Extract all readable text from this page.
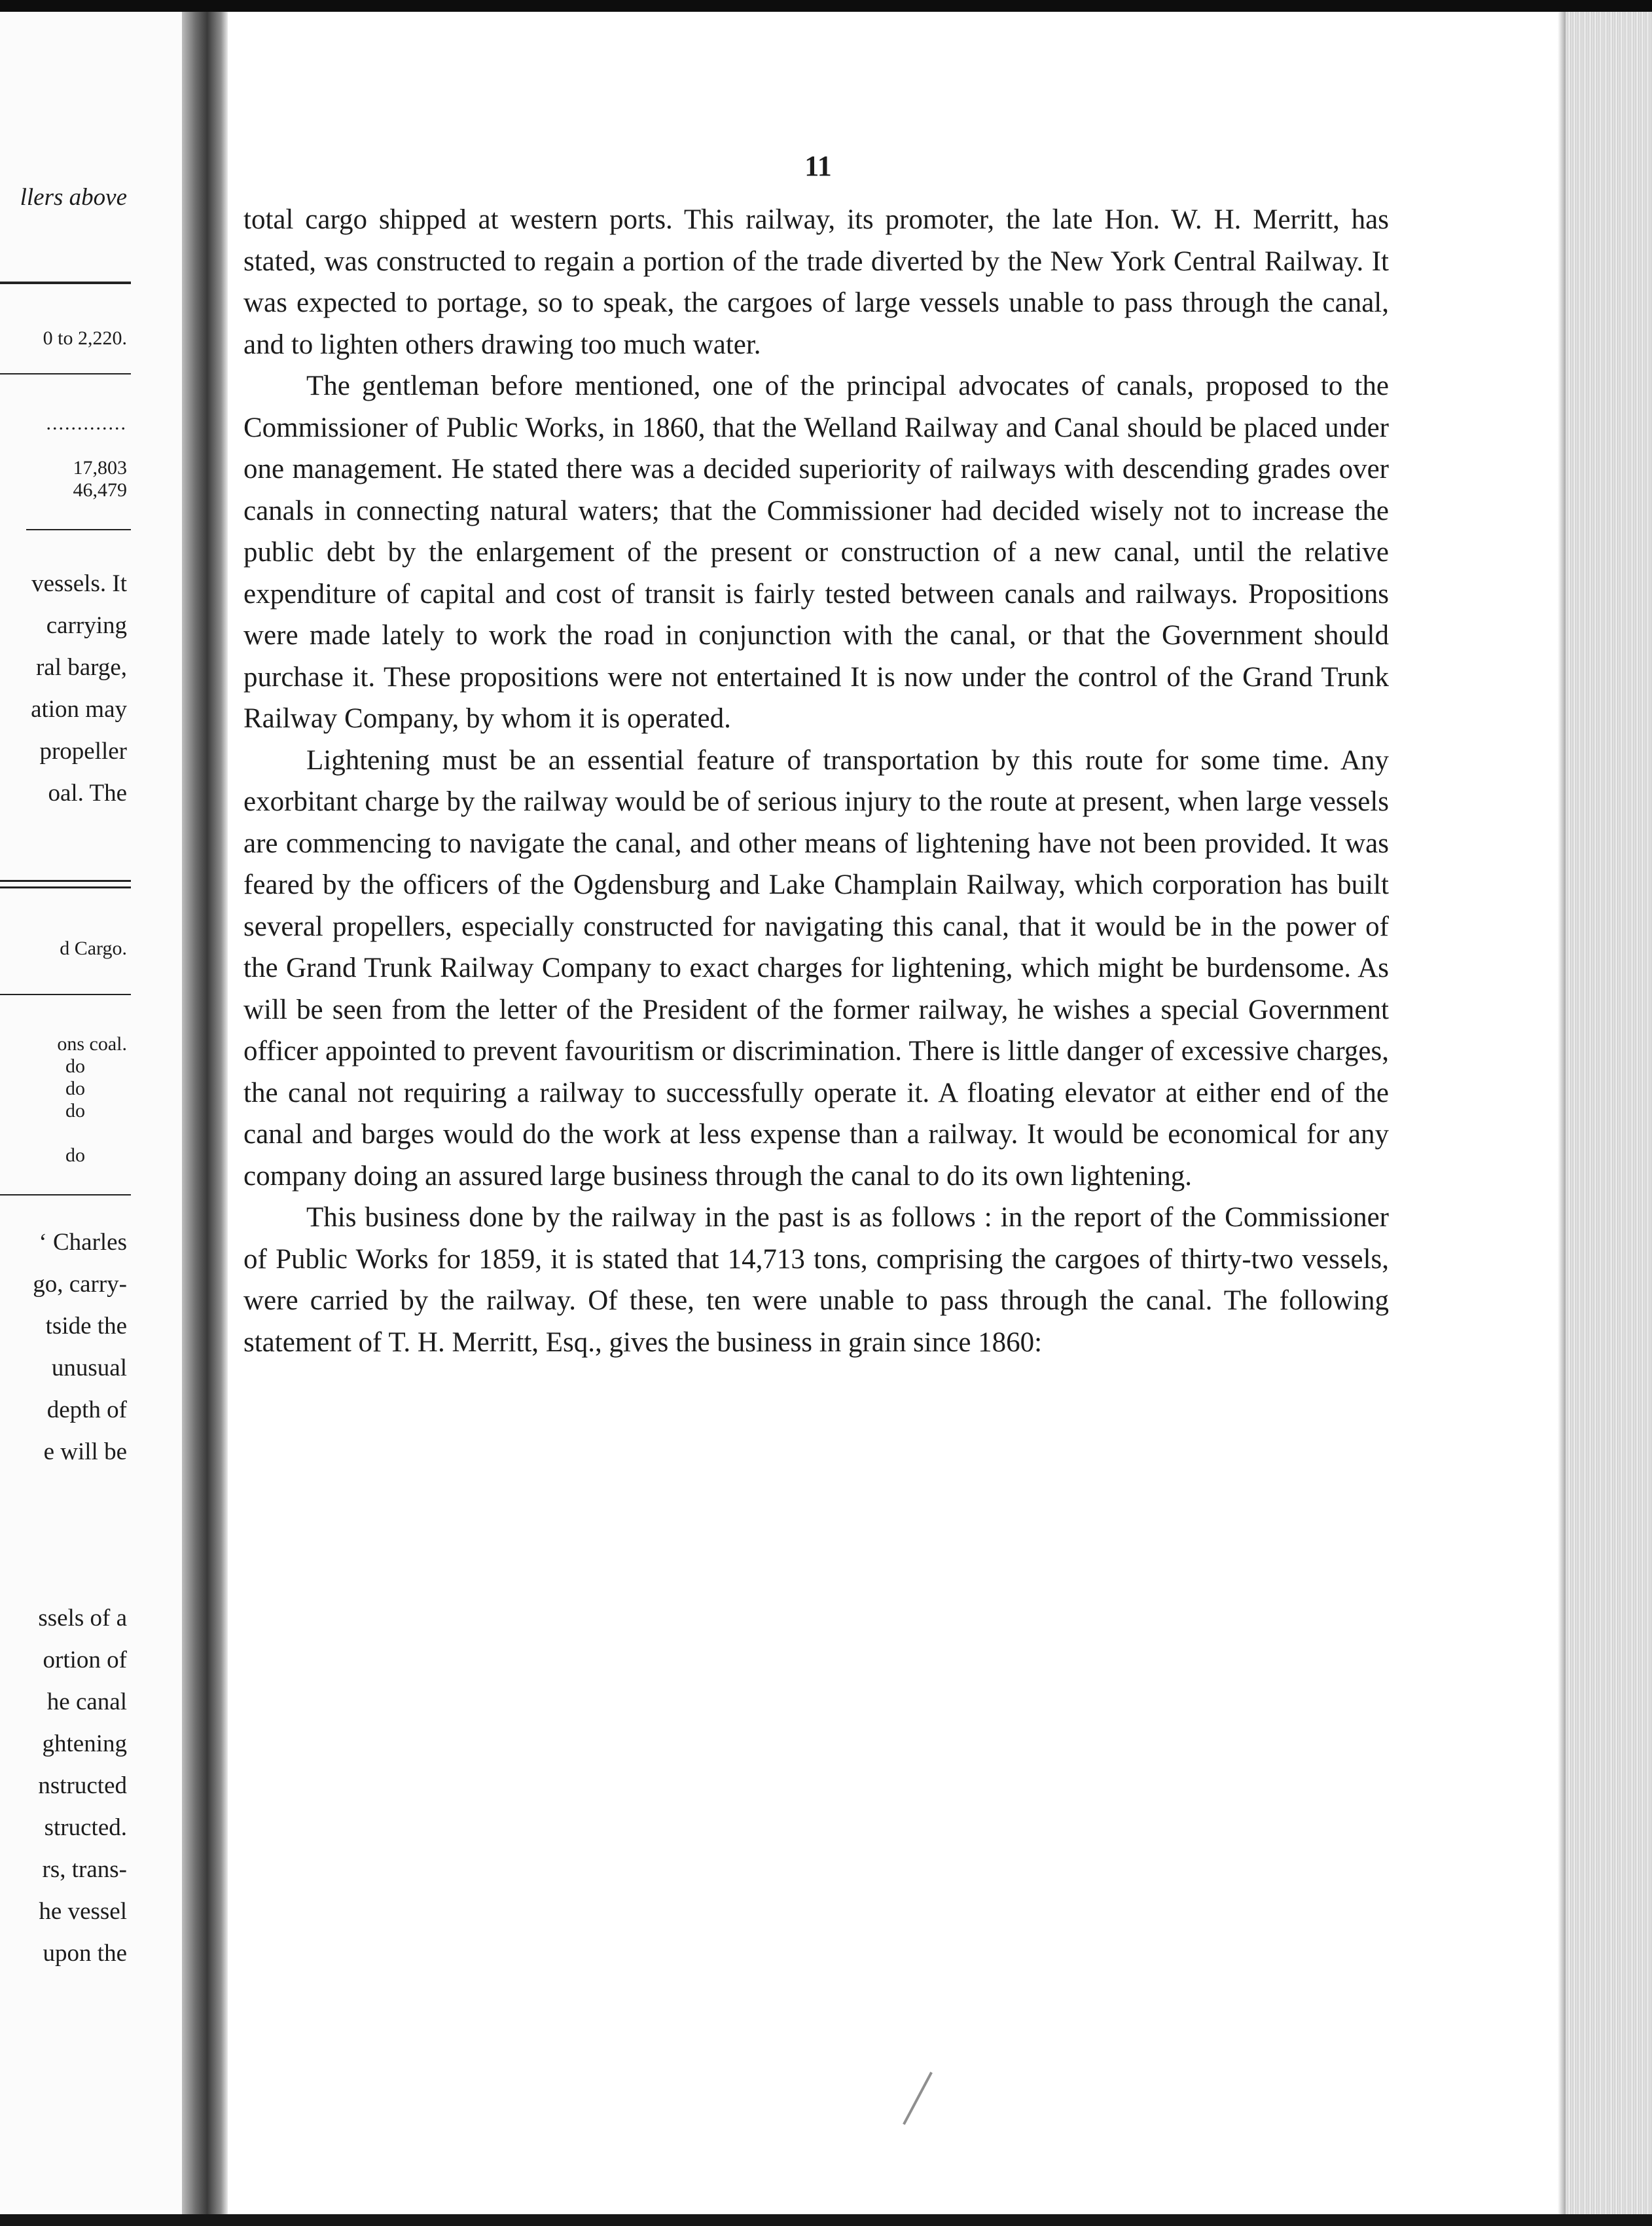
llers above
0 to 2,220.
.............
17,803
46,479
vessels. It
carrying
ral barge,
ation may
propeller
oal. The
d Cargo.
ons coal.
do
do
do
do
‘ Charles
go, carry-
tside the
unusual
depth of
e will be
ssels of a
ortion of
he canal
ghtening
nstructed
structed.
rs, trans-
he vessel
upon the
11

total cargo shipped at western ports. This railway, its promoter, the late Hon. W. H. Merritt, has stated, was constructed to regain a portion of the trade diverted by the New York Central Railway. It was expected to portage, so to speak, the cargoes of large vessels unable to pass through the canal, and to lighten others drawing too much water.

The gentleman before mentioned, one of the principal advocates of canals, proposed to the Commissioner of Public Works, in 1860, that the Welland Railway and Canal should be placed under one management. He stated there was a decided superiority of railways with descending grades over canals in connecting natural waters; that the Commissioner had decided wisely not to increase the public debt by the enlargement of the present or construction of a new canal, until the relative expenditure of capital and cost of transit is fairly tested between canals and railways. Propositions were made lately to work the road in conjunction with the canal, or that the Government should purchase it. These propositions were not entertained It is now under the control of the Grand Trunk Railway Company, by whom it is operated.

Lightening must be an essential feature of transportation by this route for some time. Any exorbitant charge by the railway would be of serious injury to the route at present, when large vessels are commencing to navigate the canal, and other means of lightening have not been provided. It was feared by the officers of the Ogdensburg and Lake Champlain Railway, which corporation has built several propellers, especially constructed for navigating this canal, that it would be in the power of the Grand Trunk Railway Company to exact charges for lightening, which might be burdensome. As will be seen from the letter of the President of the former railway, he wishes a special Government officer appointed to prevent favouritism or discrimination. There is little danger of excessive charges, the canal not requiring a railway to successfully operate it. A floating elevator at either end of the canal and barges would do the work at less expense than a railway. It would be economical for any company doing an assured large business through the canal to do its own lightening.

This business done by the railway in the past is as follows : in the report of the Commissioner of Public Works for 1859, it is stated that 14,713 tons, comprising the cargoes of thirty-two vessels, were carried by the railway. Of these, ten were unable to pass through the canal. The following statement of T. H. Merritt, Esq., gives the business in grain since 1860:
